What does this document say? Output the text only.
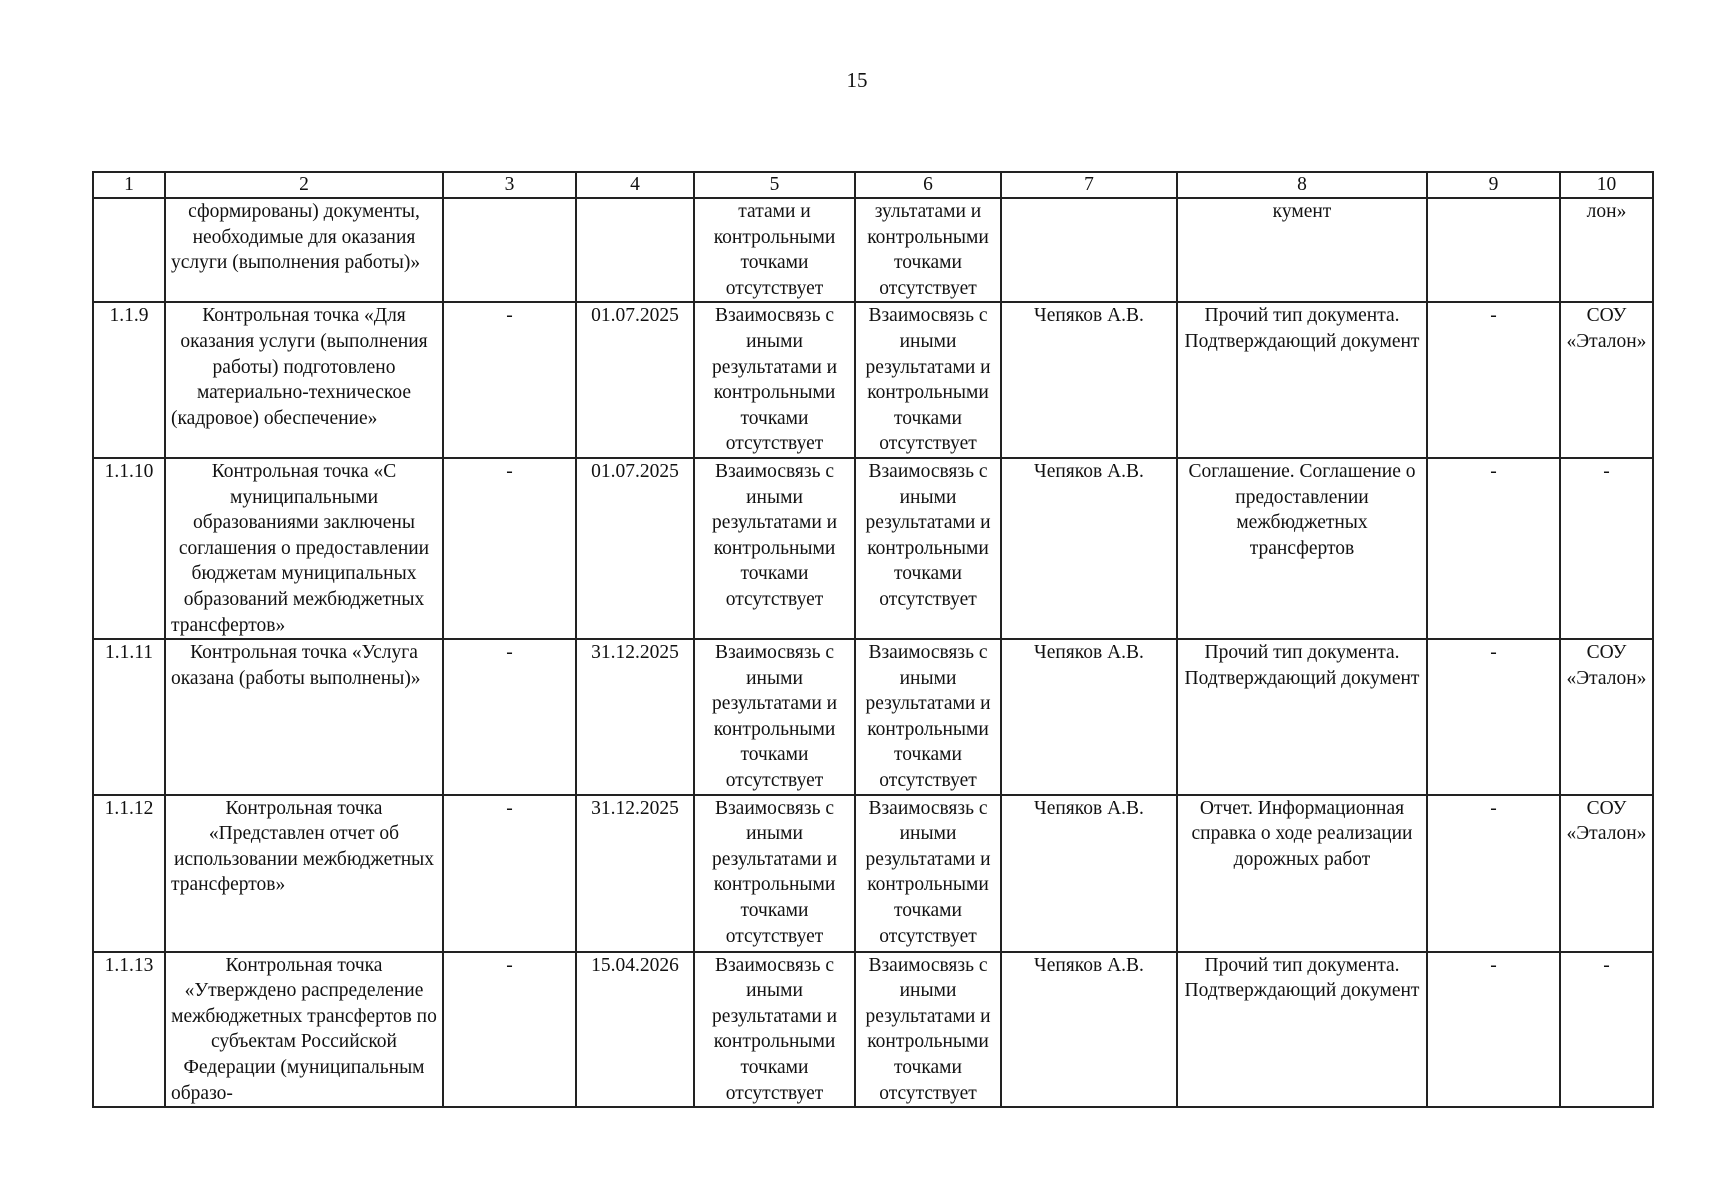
15
1	2	3	4	5	6	7	8	9	10
	сформированы) документы, необходимые для оказания услуги (выполнения работы)»			татами и контрольными точками отсутствует	зультатами и контрольными точками отсутствует		кумент		лон»
1.1.9	Контрольная точка «Для оказания услуги (выполнения работы) подготовлено материально-техническое (кадровое) обеспечение»	-	01.07.2025	Взаимосвязь с иными результатами и контрольными точками отсутствует	Взаимосвязь с иными результатами и контрольными точками отсутствует	Чепяков А.В.	Прочий тип документа. Подтверждающий документ	-	СОУ «Эталон»
1.1.10	Контрольная точка «С муниципальными образованиями заключены соглашения о предоставлении бюджетам муниципальных образований межбюджетных трансфертов»	-	01.07.2025	Взаимосвязь с иными результатами и контрольными точками отсутствует	Взаимосвязь с иными результатами и контрольными точками отсутствует	Чепяков А.В.	Соглашение. Соглашение о предоставлении межбюджетных трансфертов	-	-
1.1.11	Контрольная точка «Услуга оказана (работы выполнены)»	-	31.12.2025	Взаимосвязь с иными результатами и контрольными точками отсутствует	Взаимосвязь с иными результатами и контрольными точками отсутствует	Чепяков А.В.	Прочий тип документа. Подтверждающий документ	-	СОУ «Эталон»
1.1.12	Контрольная точка «Представлен отчет об использовании межбюджетных трансфертов»	-	31.12.2025	Взаимосвязь с иными результатами и контрольными точками отсутствует	Взаимосвязь с иными результатами и контрольными точками отсутствует	Чепяков А.В.	Отчет. Информационная справка о ходе реализации дорожных работ	-	СОУ «Эталон»
1.1.13	Контрольная точка «Утверждено распределение межбюджетных трансфертов по субъектам Российской Федерации (муниципальным образо-	-	15.04.2026	Взаимосвязь с иными результатами и контрольными точками отсутствует	Взаимосвязь с иными результатами и контрольными точками отсутствует	Чепяков А.В.	Прочий тип документа. Подтверждающий документ	-	-
